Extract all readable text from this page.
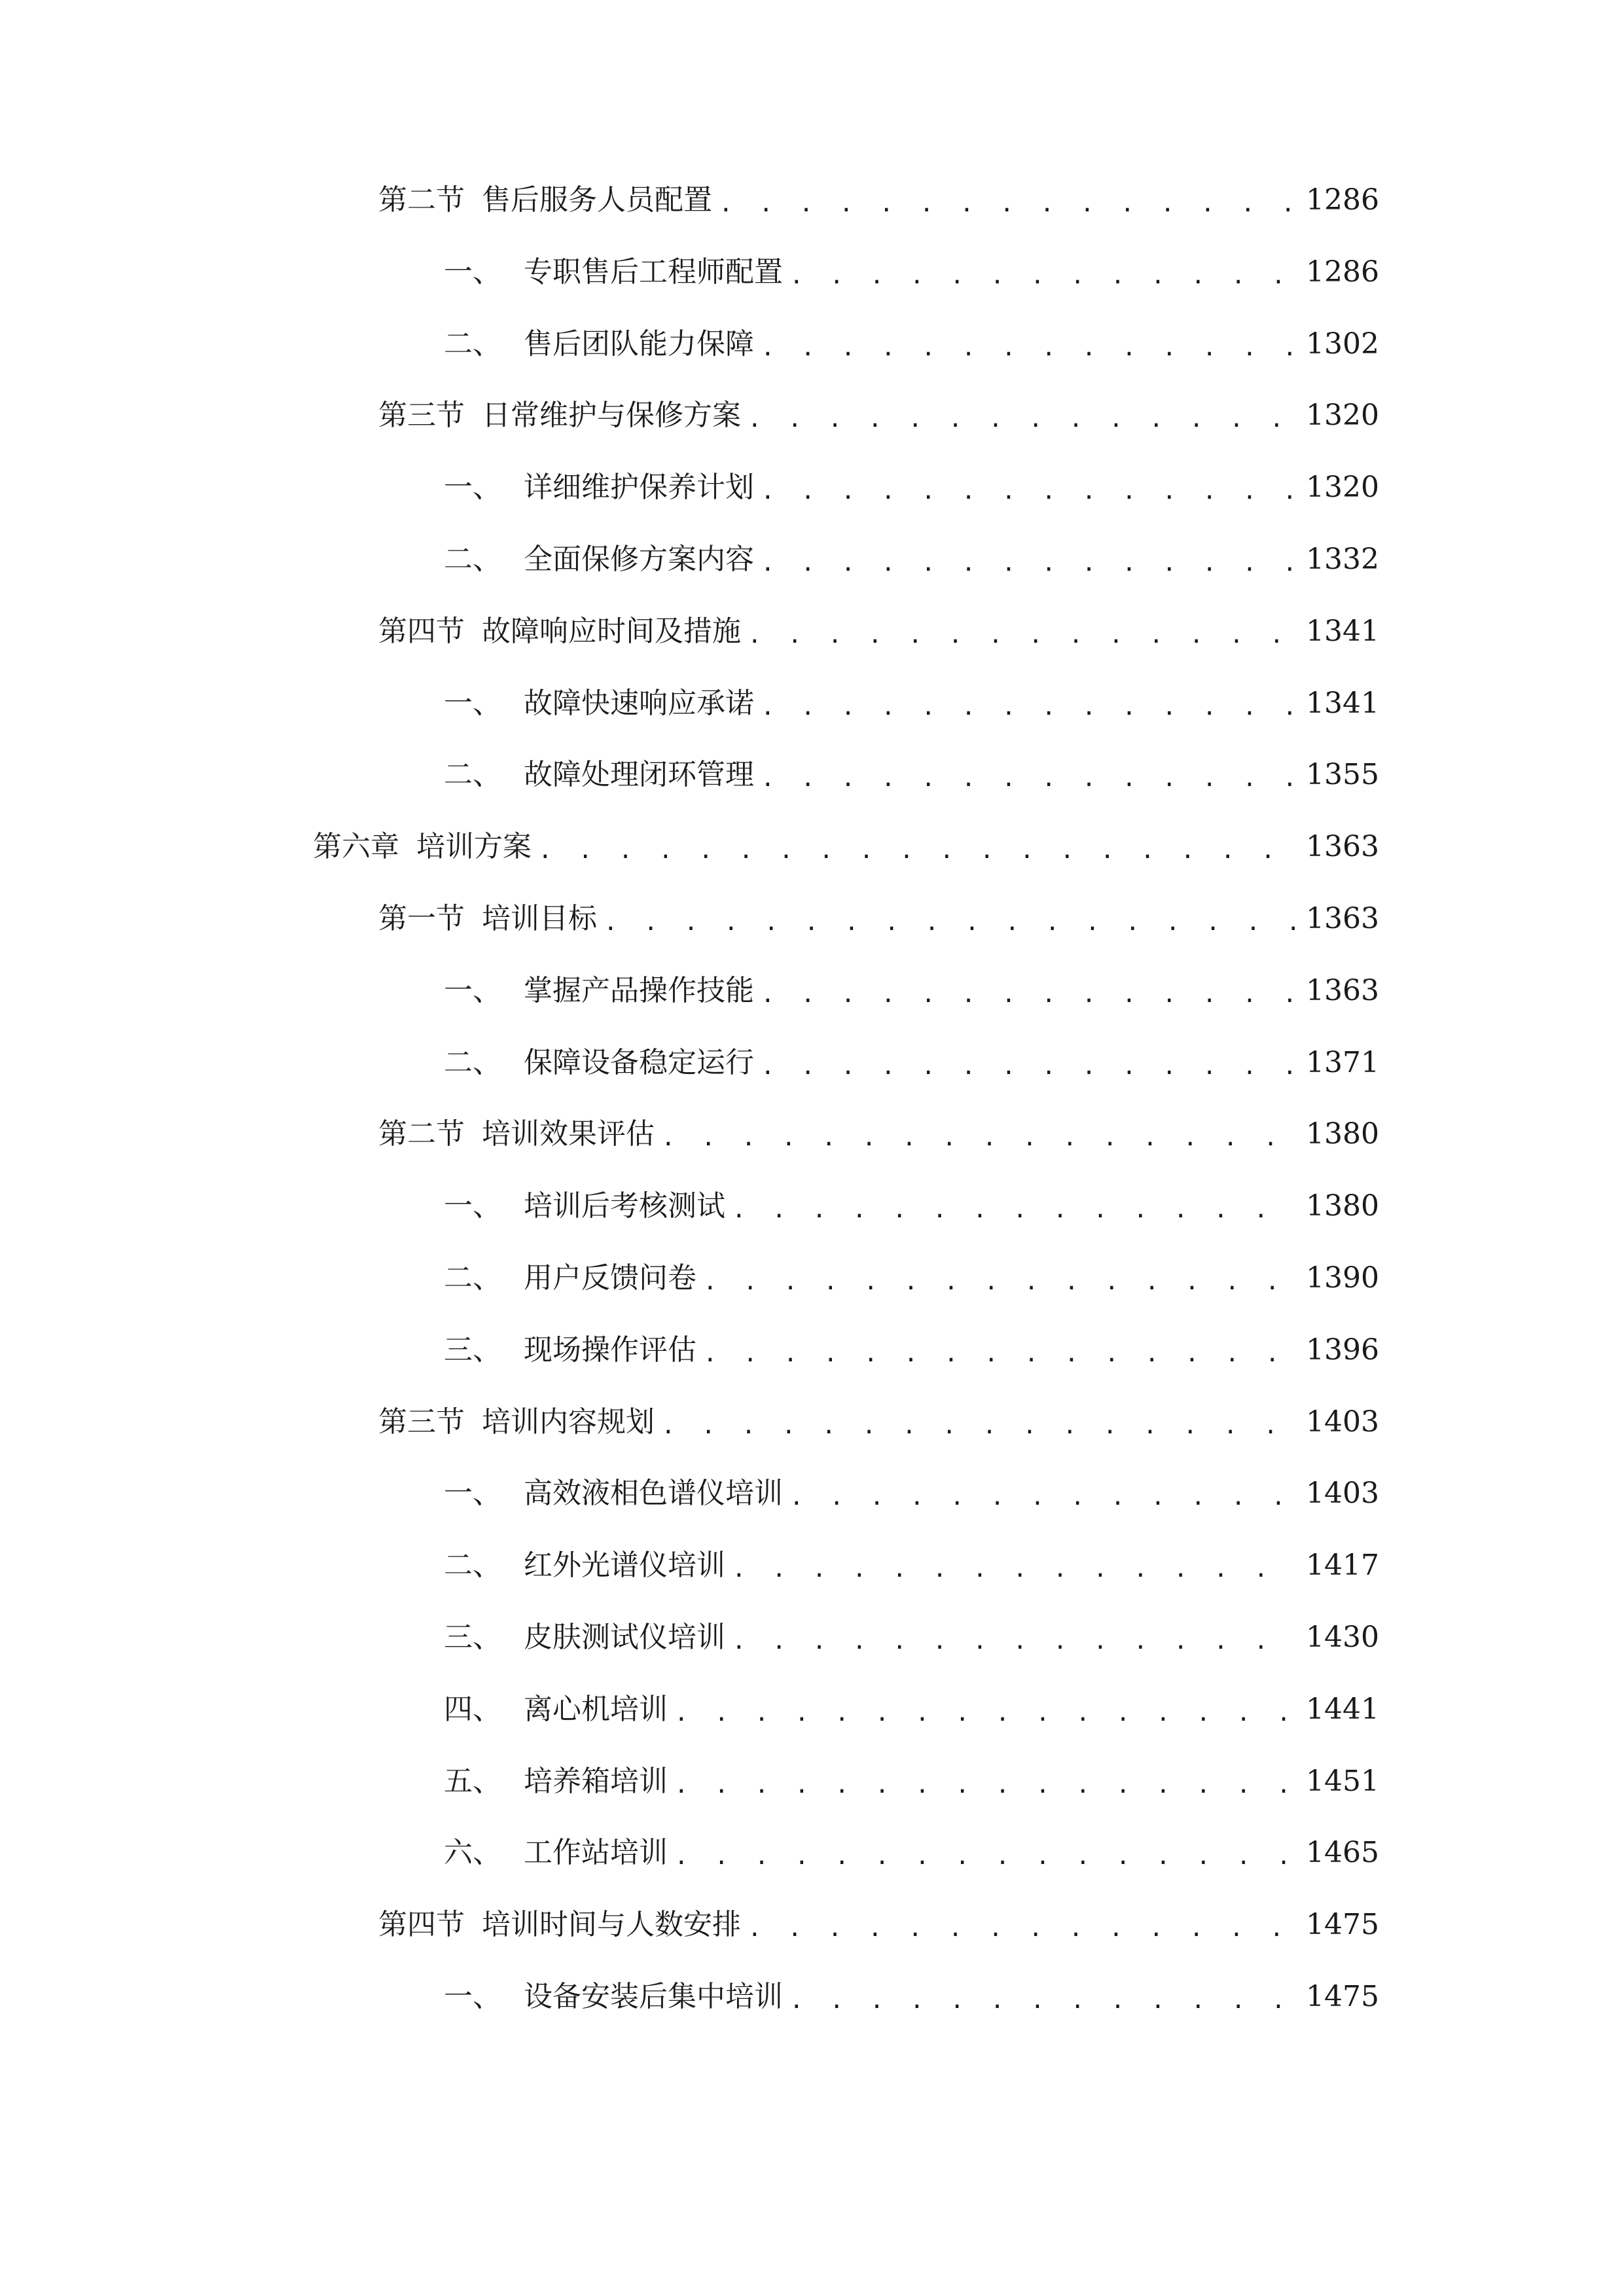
第二节 售后服务人员配置 . . .	1286
一、 专职售后工程师配置 . . .	1286
二、 售后团队能力保障 . . .	1302
第三节 日常维护与保修方案 . . .	1320
一、 详细维护保养计划 . . .	1320
二、 全面保修方案内容 . . .	1332
第四节 故障响应时间及措施 . . .	1341
一、 故障快速响应承诺 . . .	1341
二、 故障处理闭环管理 . . .	1355
第六章 培训方案 . . .	1363
第一节 培训目标 . . .	1363
一、 掌握产品操作技能 . . .	1363
二、 保障设备稳定运行 . . .	1371
第二节 培训效果评估 . . .	1380
一、 培训后考核测试 . . .	1380
二、 用户反馈问卷 . . .	1390
三、 现场操作评估 . . .	1396
第三节 培训内容规划 . . .	1403
一、 高效液相色谱仪培训 . . .	1403
二、 红外光谱仪培训 . . .	1417
三、 皮肤测试仪培训 . . .	1430
四、 离心机培训 . . .	1441
五、 培养箱培训 . . .	1451
六、 工作站培训 . . .	1465
第四节 培训时间与人数安排 . . .	1475
一、 设备安装后集中培训 . . .	1475
